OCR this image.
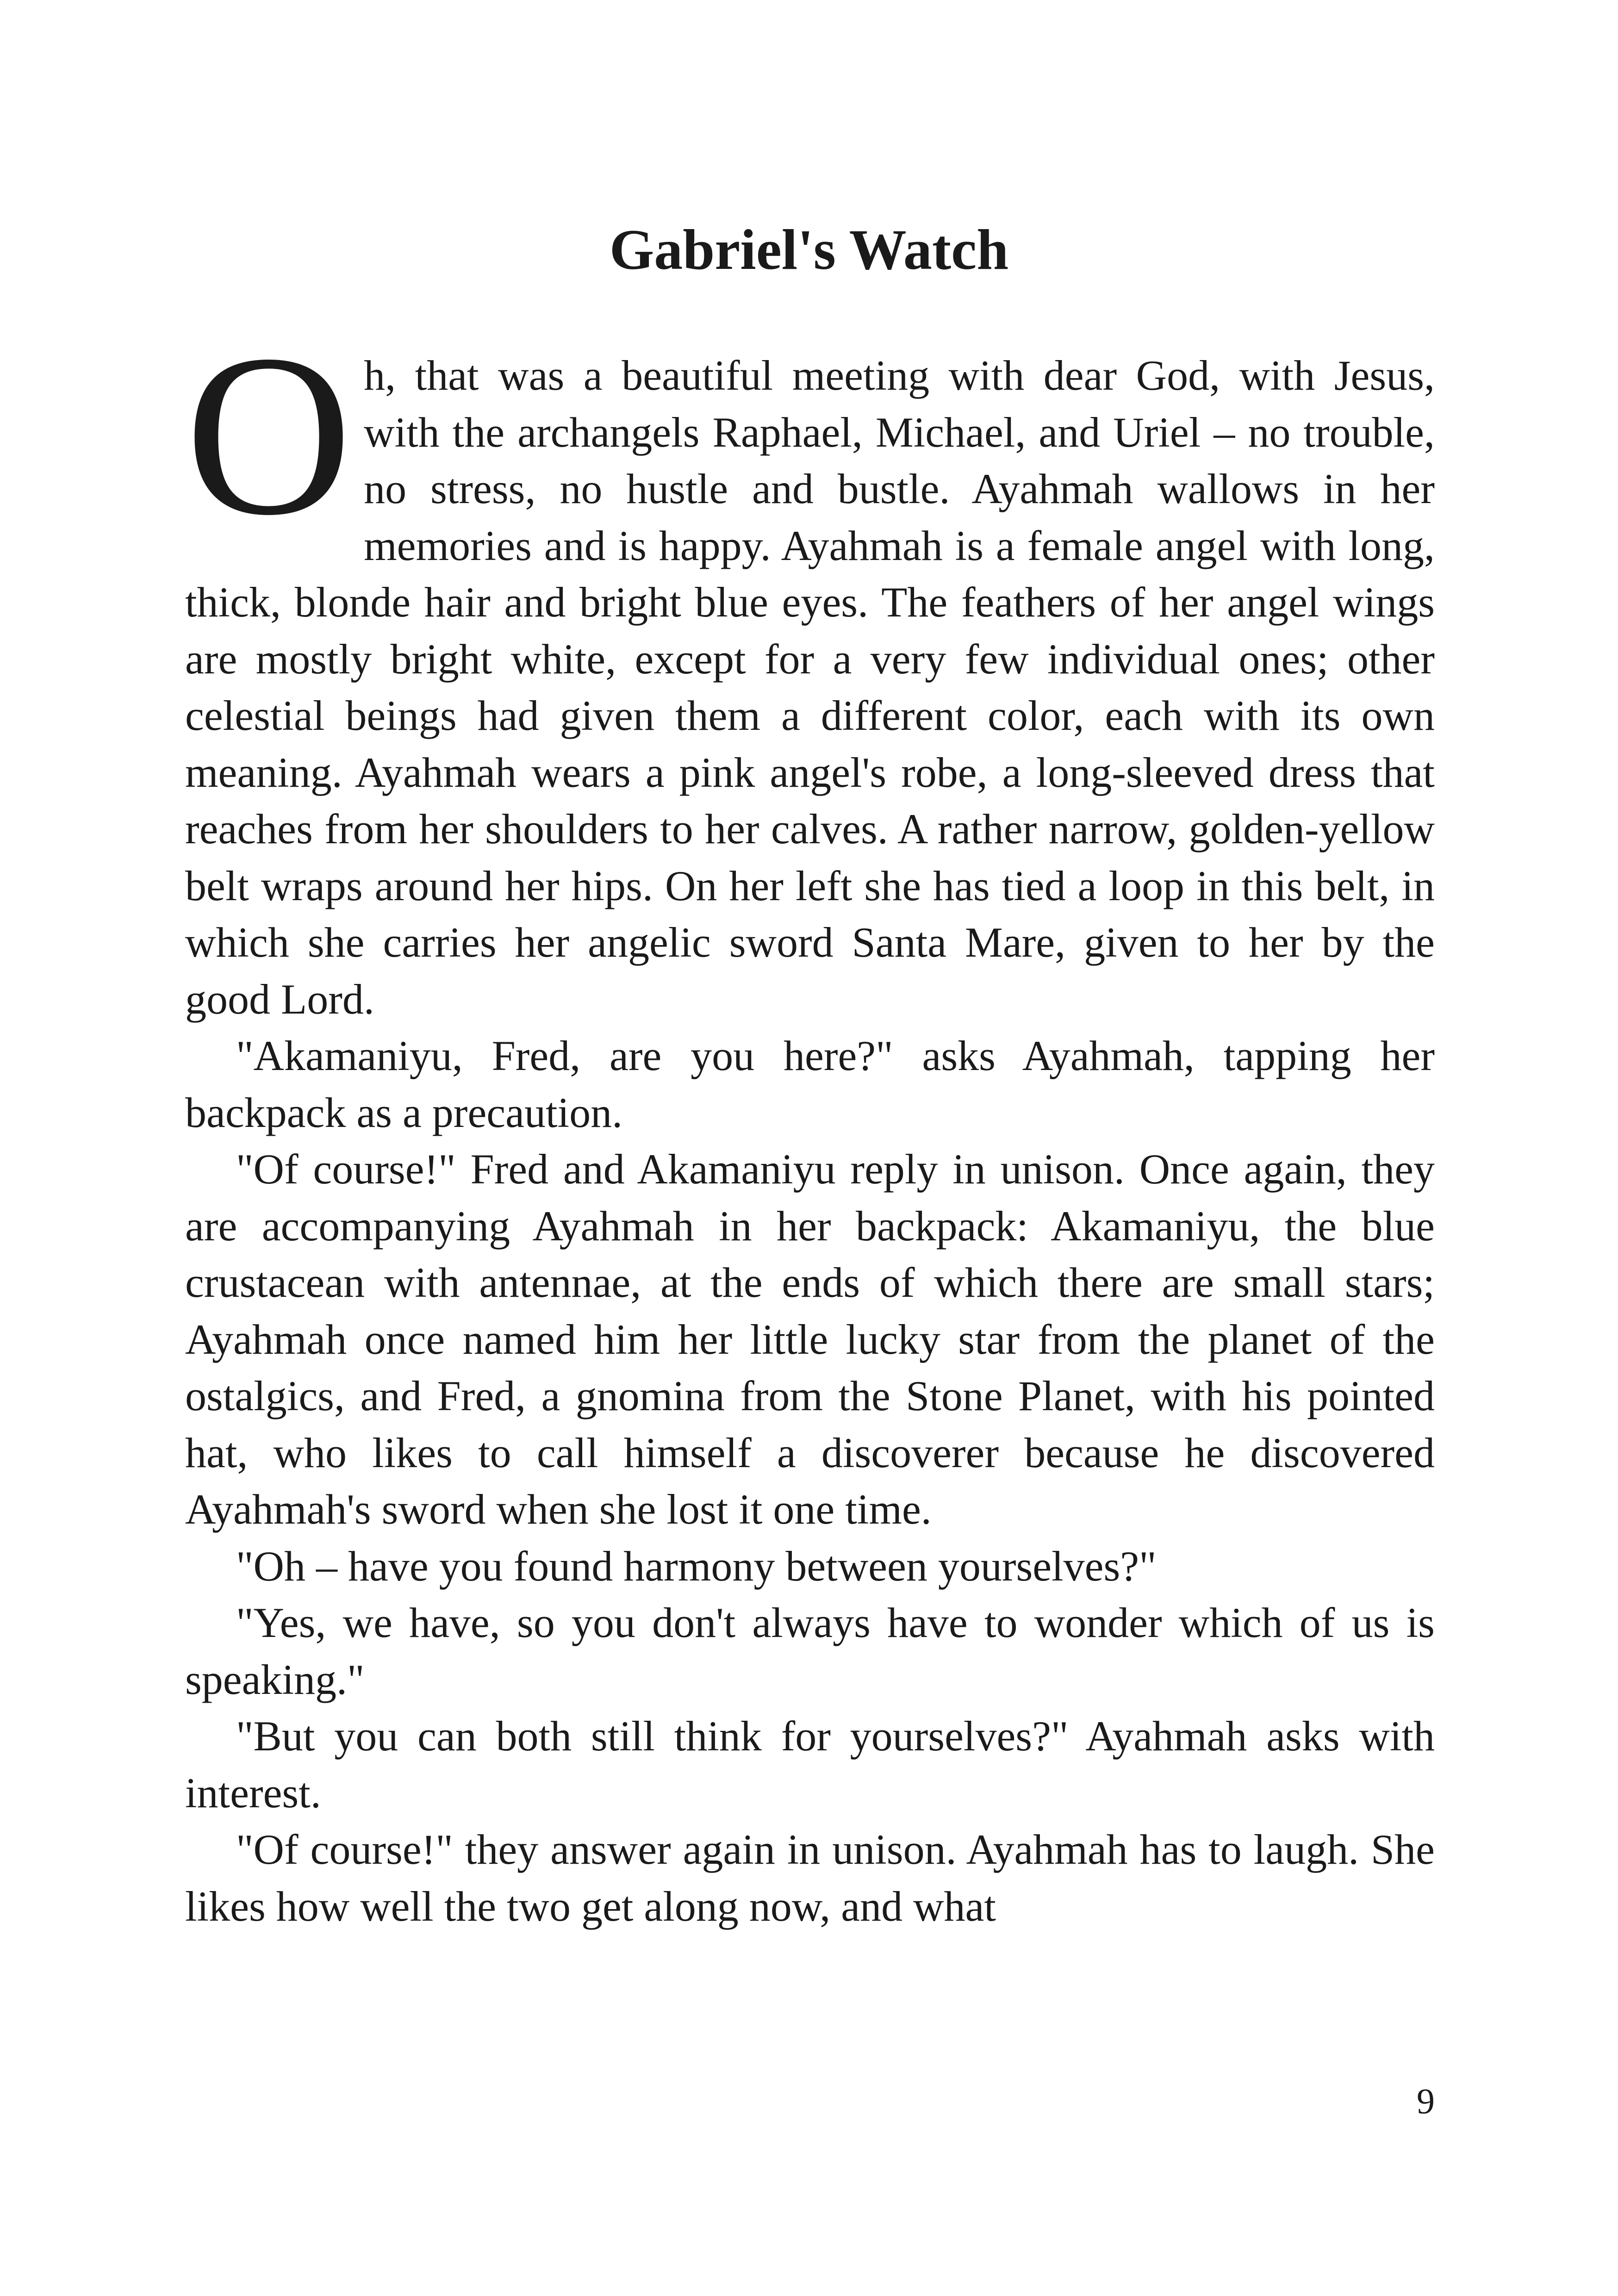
Gabriel's Watch

Oh, that was a beautiful meeting with dear God, with Jesus, with the archangels Raphael, Michael, and Uriel – no trouble, no stress, no hustle and bustle. Ayahmah wallows in her memories and is happy. Ayahmah is a female angel with long, thick, blonde hair and bright blue eyes. The feathers of her angel wings are mostly bright white, except for a very few individual ones; other celestial beings had given them a different color, each with its own meaning. Ayahmah wears a pink angel's robe, a long-sleeved dress that reaches from her shoulders to her calves. A rather narrow, golden-yellow belt wraps around her hips. On her left she has tied a loop in this belt, in which she carries her angelic sword Santa Mare, given to her by the good Lord.

"Akamaniyu, Fred, are you here?" asks Ayahmah, tapping her backpack as a precaution.

"Of course!" Fred and Akamaniyu reply in unison. Once again, they are accompanying Ayahmah in her backpack: Akamaniyu, the blue crustacean with antennae, at the ends of which there are small stars; Ayahmah once named him her little lucky star from the planet of the ostalgics, and Fred, a gnomina from the Stone Planet, with his pointed hat, who likes to call himself a discoverer because he discovered Ayahmah's sword when she lost it one time.

"Oh – have you found harmony between yourselves?"

"Yes, we have, so you don't always have to wonder which of us is speaking."

"But you can both still think for yourselves?" Ayahmah asks with interest.

"Of course!" they answer again in unison. Ayahmah has to laugh. She likes how well the two get along now, and what

9
